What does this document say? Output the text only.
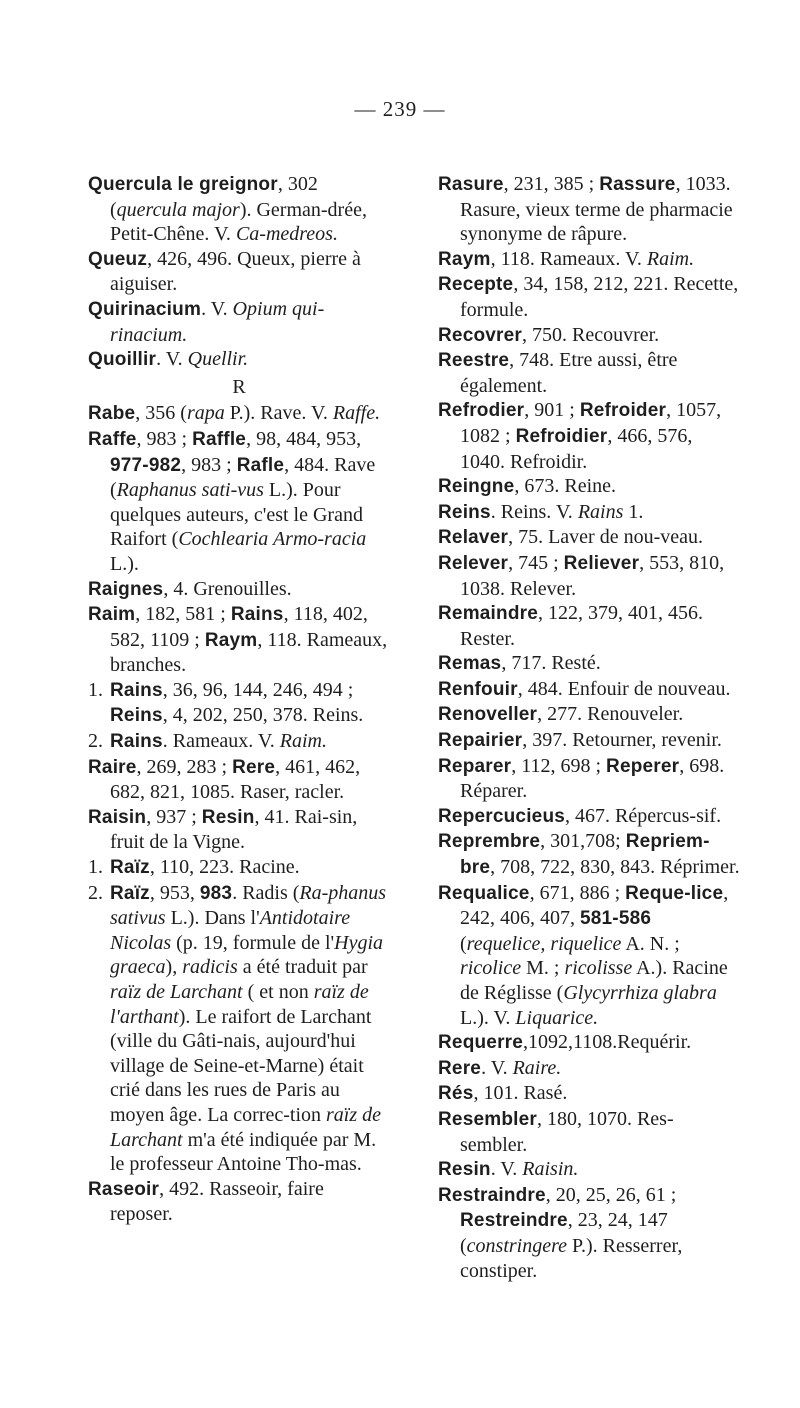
— 239 —

Quercula le greignor, 302 (quercula major). German-drée, Petit-Chêne. V. Ca-medreos.

Queuz, 426, 496. Queux, pierre à aiguiser.

Quirinacium. V. Opium qui-rinacium.

Quoillir. V. Quellir.

R

Rabe, 356 (rapa P.). Rave. V. Raffe.

Raffe, 983 ; Raffle, 98, 484, 953, 977-982, 983 ; Rafle, 484. Rave (Raphanus sati-vus L.). Pour quelques auteurs, c'est le Grand Raifort (Cochlearia Armo-racia L.).

Raignes, 4. Grenouilles.

Raim, 182, 581 ; Rains, 118, 402, 582, 1109 ; Raym, 118. Rameaux, branches.

1. Rains, 36, 96, 144, 246, 494 ; Reins, 4, 202, 250, 378. Reins.

2. Rains. Rameaux. V. Raim.

Raire, 269, 283 ; Rere, 461, 462, 682, 821, 1085. Raser, racler.

Raisin, 937 ; Resin, 41. Rai-sin, fruit de la Vigne.

1. Raïz, 110, 223. Racine.

2. Raïz, 953, 983. Radis (Ra-phanus sativus L.). Dans l'Antidotaire Nicolas (p. 19, formule de l'Hygia graeca), radicis a été traduit par raïz de Larchant ( et non raïz de l'arthant). Le raifort de Larchant (ville du Gâti-nais, aujourd'hui village de Seine-et-Marne) était crié dans les rues de Paris au moyen âge. La correc-tion raïz de Larchant m'a été indiquée par M. le professeur Antoine Tho-mas.

Raseoir, 492. Rasseoir, faire reposer.

Rasure, 231, 385 ; Rassure, 1033. Rasure, vieux terme de pharmacie synonyme de râpure.

Raym, 118. Rameaux. V. Raim.

Recepte, 34, 158, 212, 221. Recette, formule.

Recovrer, 750. Recouvrer.

Reestre, 748. Etre aussi, être également.

Refrodier, 901 ; Refroider, 1057, 1082 ; Refroidier, 466, 576, 1040. Refroidir.

Reingne, 673. Reine.

Reins. Reins. V. Rains 1.

Relaver, 75. Laver de nou-veau.

Relever, 745 ; Reliever, 553, 810, 1038. Relever.

Remaindre, 122, 379, 401, 456. Rester.

Remas, 717. Resté.

Renfouir, 484. Enfouir de nouveau.

Renoveller, 277. Renouveler.

Repairier, 397. Retourner, revenir.

Reparer, 112, 698 ; Reperer, 698. Réparer.

Repercucieus, 467. Répercus-sif.

Reprembre, 301,708; Repriem-bre, 708, 722, 830, 843. Réprimer.

Requalice, 671, 886 ; Reque-lice, 242, 406, 407, 581-586 (requelice, riquelice A. N. ; ricolice M. ; ricolisse A.). Racine de Réglisse (Glycyrrhiza glabra L.). V. Liquarice.

Requerre,1092,1108.Requérir.

Rere. V. Raire.

Rés, 101. Rasé.

Resembler, 180, 1070. Res-sembler.

Resin. V. Raisin.

Restraindre, 20, 25, 26, 61 ; Restreindre, 23, 24, 147 (constringere P.). Resserrer, constiper.
